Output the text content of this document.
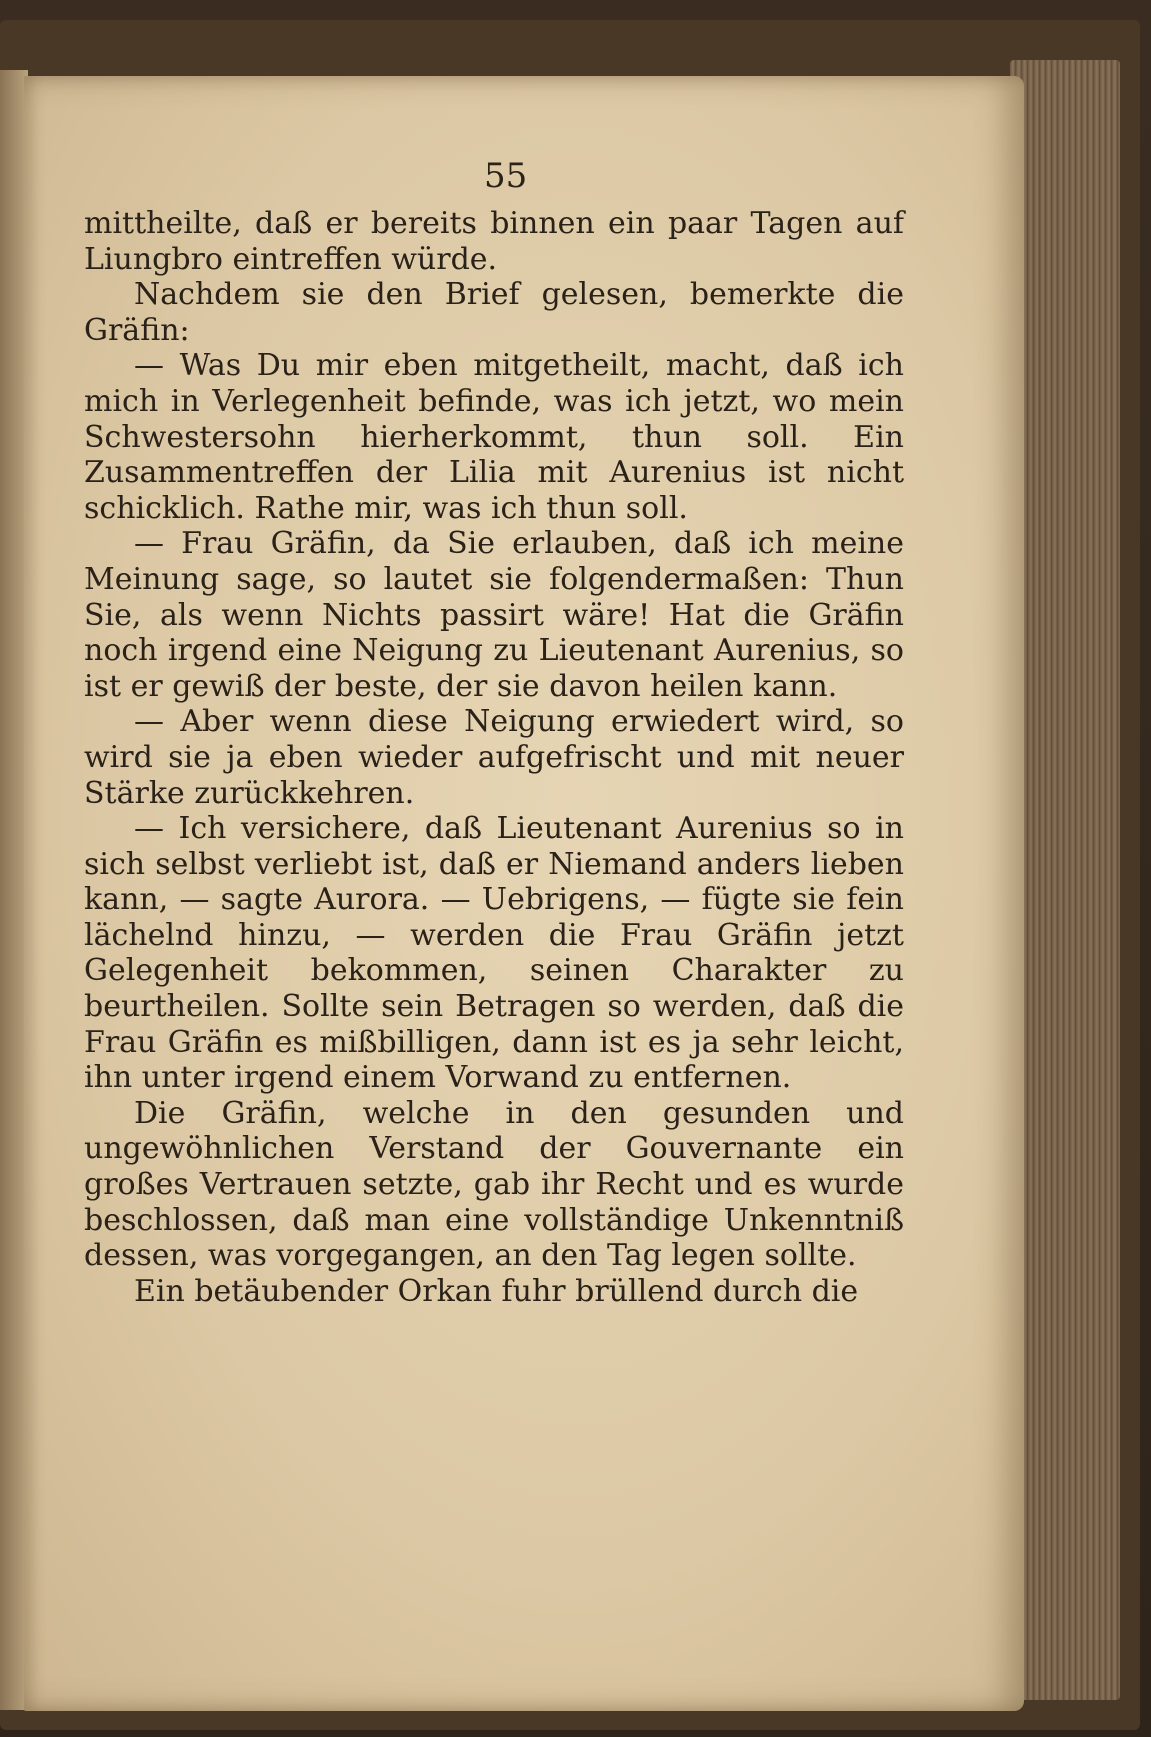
55

mittheilte, daß er bereits binnen ein paar Tagen auf Liungbro eintreffen würde.

Nachdem sie den Brief gelesen, bemerkte die Gräfin:

— Was Du mir eben mitgetheilt, macht, daß ich mich in Verlegenheit befinde, was ich jetzt, wo mein Schwestersohn hierherkommt, thun soll. Ein Zusammentreffen der Lilia mit Aurenius ist nicht schicklich. Rathe mir, was ich thun soll.

— Frau Gräfin, da Sie erlauben, daß ich meine Meinung sage, so lautet sie folgendermaßen: Thun Sie, als wenn Nichts passirt wäre! Hat die Gräfin noch irgend eine Neigung zu Lieutenant Aurenius, so ist er gewiß der beste, der sie davon heilen kann.

— Aber wenn diese Neigung erwiedert wird, so wird sie ja eben wieder aufgefrischt und mit neuer Stärke zurückkehren.

— Ich versichere, daß Lieutenant Aurenius so in sich selbst verliebt ist, daß er Niemand anders lieben kann, — sagte Aurora. — Uebrigens, — fügte sie fein lächelnd hinzu, — werden die Frau Gräfin jetzt Gelegenheit bekommen, seinen Charakter zu beurtheilen. Sollte sein Betragen so werden, daß die Frau Gräfin es mißbilligen, dann ist es ja sehr leicht, ihn unter irgend einem Vorwand zu entfernen.

Die Gräfin, welche in den gesunden und ungewöhnlichen Verstand der Gouvernante ein großes Vertrauen setzte, gab ihr Recht und es wurde beschlossen, daß man eine vollständige Unkenntniß dessen, was vorgegangen, an den Tag legen sollte.

Ein betäubender Orkan fuhr brüllend durch die
